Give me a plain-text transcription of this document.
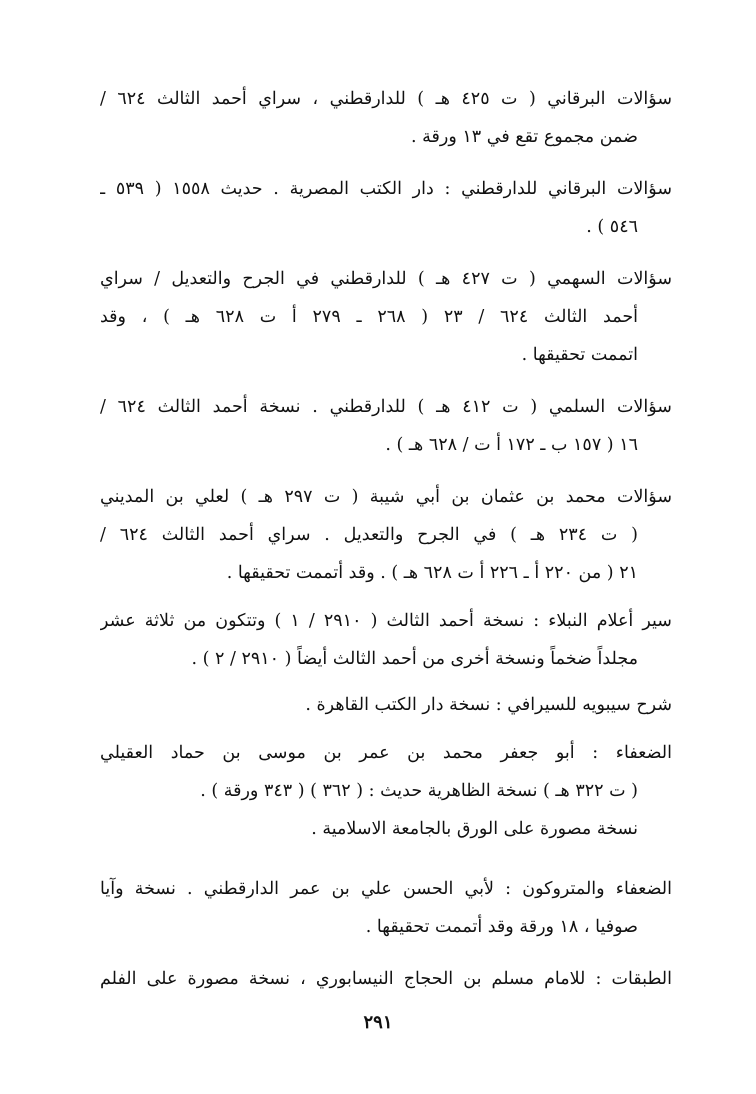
سؤالات البرقاني ( ت ٤٢٥ هـ ) للدارقطني ، سراي أحمد الثالث ٦٢٤ /
ضمن مجموع تقع في ١٣ ورقة .
سؤالات البرقاني للدارقطني : دار الكتب المصرية . حديث ١٥٥٨ ( ٥٣٩ ـ
٥٤٦ ) .
سؤالات السهمي ( ت ٤٢٧ هـ ) للدارقطني في الجرح والتعديل / سراي
أحمد الثالث ٦٢٤ / ٢٣ ( ٢٦٨ ـ ٢٧٩ أ ت ٦٢٨ هـ ) ، وقد
اتممت تحقيقها .
سؤالات السلمي ( ت ٤١٢ هـ ) للدارقطني . نسخة أحمد الثالث ٦٢٤ /
١٦ ( ١٥٧ ب ـ ١٧٢ أ ت / ٦٢٨ هـ ) .
سؤالات محمد بن عثمان بن أبي شيبة ( ت ٢٩٧ هـ ) لعلي بن المديني
( ت ٢٣٤ هـ ) في الجرح والتعديل . سراي أحمد الثالث ٦٢٤ /
٢١ ( من ٢٢٠ أ ـ ٢٢٦ أ ت ٦٢٨ هـ ) . وقد أتممت تحقيقها .
سير أعلام النبلاء : نسخة أحمد الثالث ( ٢٩١٠ / ١ ) وتتكون من ثلاثة عشر
مجلداً ضخماً ونسخة أخرى من أحمد الثالث أيضاً ( ٢٩١٠ / ٢ ) .
شرح سيبويه للسيرافي : نسخة دار الكتب القاهرة .
الضعفاء : أبو جعفر محمد بن عمر بن موسى بن حماد العقيلي
( ت ٣٢٢ هـ ) نسخة الظاهرية حديث : ( ٣٦٢ ) ( ٣٤٣ ورقة ) .
نسخة مصورة على الورق بالجامعة الاسلامية .
الضعفاء والمتروكون : لأبي الحسن علي بن عمر الدارقطني . نسخة وآيا
صوفيا ، ١٨ ورقة وقد أتممت تحقيقها .
الطبقات : للامام مسلم بن الحجاج النيسابوري ، نسخة مصورة على الفلم
٢٩١
